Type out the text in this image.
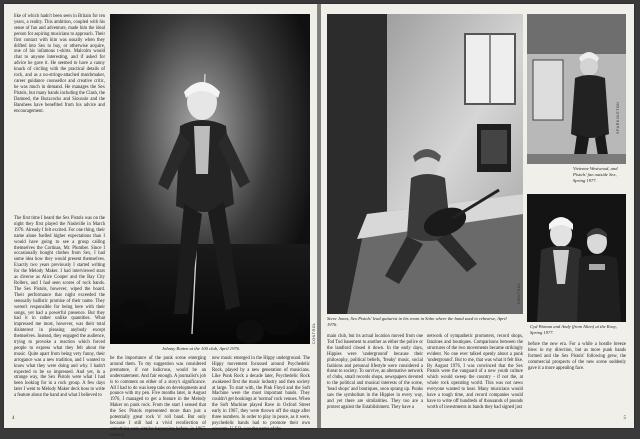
like of which hadn't been seen in Britain for ten years, a reality. This ambition, coupled with his sense of fun and adventure, made him the ideal person for aspiring musicians to approach. Their first contact with him was usually when they drifted into Sex to buy, or otherwise acquire, one of his infamous t-shirts. Malcolm would chat to anyone interesting, and if asked for advice he gave it. He seemed to have a canny knack of circling with the practical details of rock, and as a no-strings-attached matchmaker, career guidance counsellor and creative critic, he was much in demand. He manages the Sex Pistols, but many bands including the Clash, the Damned, the Buzzcocks and Siouxsie and the Banshees have benefited from his advice and encouragement.
The first time I heard the Sex Pistols was on the night they first played the Nashville in March 1976. Already I felt excited. For one thing, their name alone fuelled higher expectations than I would have going to see a group calling themselves the Cortinas, Mr. Plumber. Since I occasionally bought clothes from Sex, I had some idea how they would present themselves. Exactly two years previously I started writing for the Melody Maker. I had interviewed stars as diverse as Alice Cooper and the Bay City Rollers, and I had seen scores of rock bands. The Sex Pistols, however, wiped the board. Their performance that night exceeded the sensually ballistic promise of their name. They weren't responsible for being here with their songs, yet had a powerful presence. But they had it in rather unlike quantities. What impressed me most, however, was their total disinterest in pleasing anybody except themselves. Instead, they engaged the audience, trying to provoke a reaction which forced people to express what they felt about the music. Quite apart from being very funny, their arrogance was a new tradition, and I wanted to know what they were doing and why. I hadn't expected to be so impressed. And yet, in a strange way, the Sex Pistols were what I had been looking for in a rock group. A few days later I went to Melody Maker deck boss to write a feature about the band and what I believed to
Johnny Rotten at the 100 club, April 1976.
CONTROL
be the importance of the punk scene emerging around them. To my suggestion was considered premature, if not ludicrous, would be an understatement. And fair enough. A journalist's job is to comment on either of a story's significance. All I had to do was keep tabs on developments and pounce with my pen. Five months later, in August 1976, I managed to get a feature in the Melody Maker on punk rock. From the start I sensed that the Sex Pistols represented more than just a potentially great rock 'n' roll band. But only because I still had a vivid recollection of something very similar happening before, in 1967, when a
new music emerged in the Hippy underground. The Hippy movement focussed around Psychedelic Rock, played by a new generation of musicians. Like Punk Rock a decade later, Psychedelic Rock awakened first the music industry and then society at large. To start with, the Pink Floyd and the Soft Machine were the most important bands. They couldn't get bookings at 'normal' rock venues. When the Soft Machine played Rave in Oxford Street early in 1967, they were thrown off the stage after three numbers. In order to play in peace, as it were, psychedelic bands had to promote their own concerts. U.F.O. was the name of the
4
Steve Jones, Sex Pistols' lead guitarist in his room in Soho where the band used to rehearse, April 1976.
CONTROL
Vivienne Westwood, and Pistols' fan outside Sex, Spring 1977.
SPARKINGTON
Cyd Woman and Andy (from Alien) at the Roxy, Spring 1977.
main club, but its actual location moved from one Tod Tod basement to another as either the police or the landlord closed it down. In the early days, Hippies were 'underground' because their philosophy, political beliefs, 'freaky' music, social fashions and personal lifestyle were considered a threat to society. To survive, an alternative network of clubs, small records shops, newspapers devoted to the political and musical interests of the scene, 'head shops' and boutiques, soon sprang up. Punks saw the symbolism in the Hippies in every way, and yet there are similarities. They too are a protest against the Establishment. They have a
network of sympathetic promoters, record shops, fanzines and boutiques. Comparisons between the structures of the two movements became strikingly evident. No one ever talked openly about a punk 'underground'. But to me, that was what it felt like. By August 1976, I was convinced that the Sex Pistols were the vanguard of a new youth culture which would sweep the country - if not the, at whole rock operating world. This was not news everyone wanted to hear. Many musicians would have a tough time, and record companies would have to write off hundreds of thousands of pounds worth of investments in bands they had signed just
before the new era. For a while a hostile breeze blew in my direction, but as more punk bands formed and the Sex Pistols' following grew, the commercial prospects of the new scene suddenly gave it a more appealing face.
5
